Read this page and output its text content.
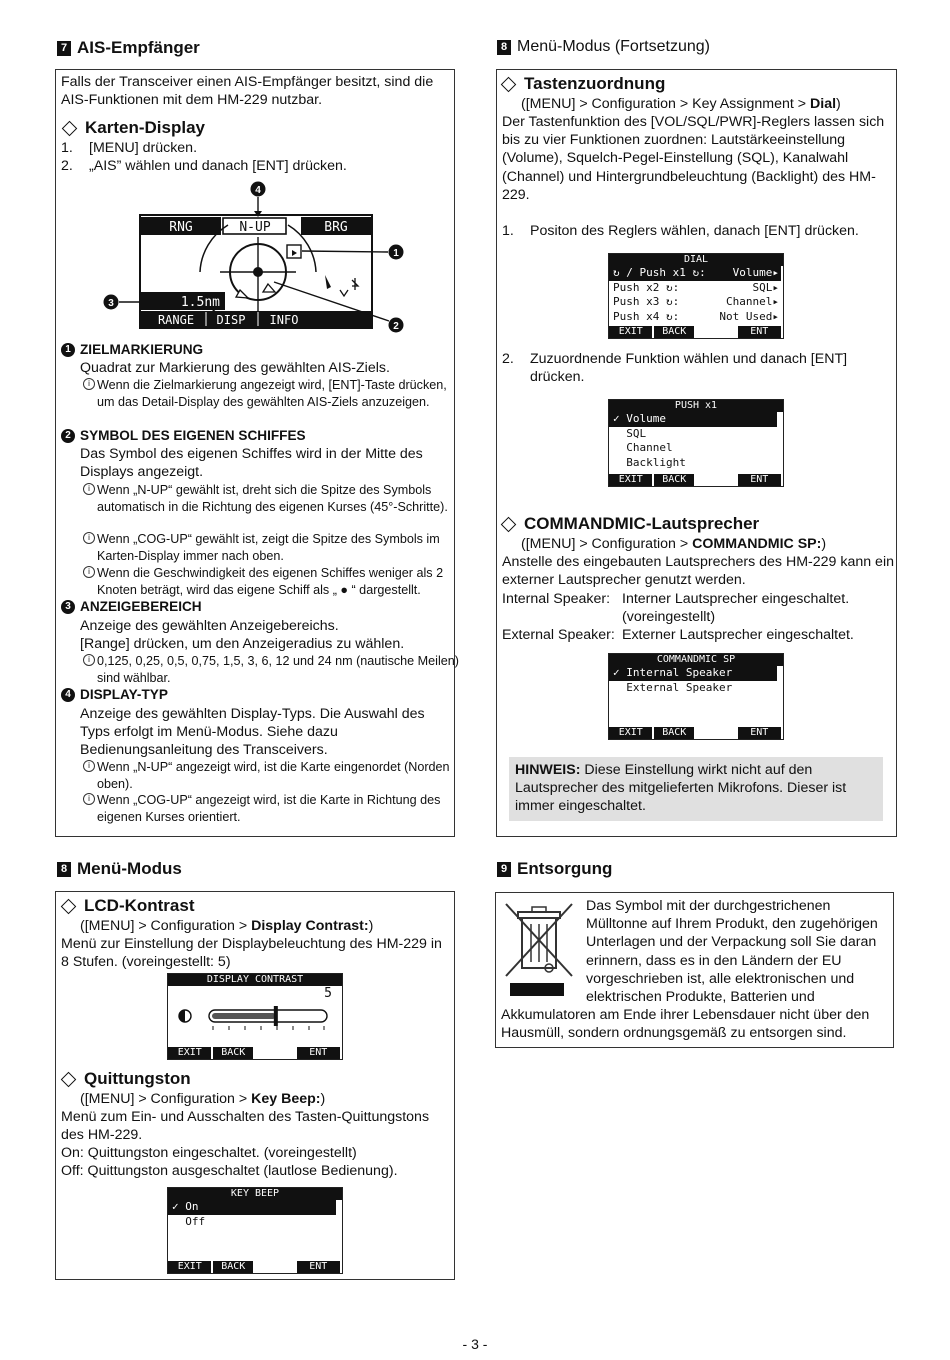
7 AIS-Empfänger
Falls der Transceiver einen AIS-Empfänger besitzt, sind die AIS-Funktionen mit dem HM-229 nutzbar.
Karten-Display
1. [MENU] drücken.
2. „AIS” wählen und danach [ENT] drücken.
RNG	N-UP	BRG
1.5nm
RANGE DISP INFO
4
1
2
3
1 ZIELMARKIERUNG
Quadrat zur Markierung des gewählten AIS-Ziels.
i Wenn die Zielmarkierung angezeigt wird, [ENT]-Taste drücken, um das Detail-Display des gewählten AIS-Ziels anzuzeigen.
2 SYMBOL DES EIGENEN SCHIFFES
Das Symbol des eigenen Schiffes wird in der Mitte des Displays angezeigt.
i Wenn „N-UP“ gewählt ist, dreht sich die Spitze des Symbols automatisch in die Richtung des eigenen Kurses (45°-Schritte).
i Wenn „COG-UP“ gewählt ist, zeigt die Spitze des Symbols im Karten-Display immer nach oben.
i Wenn die Geschwindigkeit des eigenen Schiffes weniger als 2 Knoten beträgt, wird das eigene Schiff als „ ● “ dargestellt.
3 ANZEIGEBEREICH
Anzeige des gewählten Anzeigebereichs.
[Range] drücken, um den Anzeigeradius zu wählen.
i 0,125, 0,25, 0,5, 0,75, 1,5, 3, 6, 12 und 24 nm (nautische Meilen) sind wählbar.
4 DISPLAY-TYP
Anzeige des gewählten Display-Typs. Die Auswahl des Typs erfolgt im Menü-Modus. Siehe dazu Bedienungsanleitung des Transceivers.
i Wenn „N-UP“ angezeigt wird, ist die Karte eingenordet (Norden oben).
i Wenn „COG-UP“ angezeigt wird, ist die Karte in Richtung des eigenen Kurses orientiert.
8 Menü-Modus (Fortsetzung)
Tastenzuordnung
([MENU] > Configuration > Key Assignment > Dial)
Der Tastenfunktion des [VOL/SQL/PWR]-Reglers lassen sich bis zu vier Funktionen zuordnen: Lautstärkeeinstellung (Volume), Squelch-Pegel-Einstellung (SQL), Kanalwahl (Channel) und Hintergrundbeleuchtung (Backlight) des HM-229.
1. Positon des Reglers wählen, danach [ENT] drücken.
DIAL
↻ / Push x1 ↻: Volume▸
Push x2 ↻:	SQL▸
Push x3 ↻:	Channel▸
Push x4 ↻:	Not Used▸
EXIT	BACK	ENT
2. Zuzuordnende Funktion wählen und danach [ENT] drücken.
PUSH x1
✓ Volume
SQL
Channel
Backlight
EXIT	BACK	ENT
COMMANDMIC-Lautsprecher
([MENU] > Configuration > COMMANDMIC SP:)
Anstelle des eingebauten Lautsprechers des HM-229 kann ein externer Lautsprecher genutzt werden.
Internal Speaker: Interner Lautsprecher eingeschaltet.
(voreingestellt)
External Speaker: Externer Lautsprecher eingeschaltet.
COMMANDMIC SP
✓ Internal Speaker
External Speaker
EXIT	BACK	ENT
HINWEIS: Diese Einstellung wirkt nicht auf den Lautsprecher des mitgelieferten Mikrofons. Dieser ist immer eingeschaltet.
8 Menü-Modus
LCD-Kontrast
([MENU] > Configuration > Display Contrast:)
Menü zur Einstellung der Displaybeleuchtung des HM-229 in 8 Stufen. (voreingestellt: 5)
DISPLAY CONTRAST
5
EXIT	BACK	ENT
Quittungston
([MENU] > Configuration > Key Beep:)
Menü zum Ein- und Ausschalten des Tasten-Quittungstons des HM-229.
On: Quittungston eingeschaltet. (voreingestellt)
Off: Quittungston ausgeschaltet (lautlose Bedienung).
KEY BEEP
✓ On
Off
EXIT	BACK	ENT
9 Entsorgung
Das Symbol mit der durchgestrichenen Mülltonne auf Ihrem Produkt, den zugehörigen Unterlagen und der Verpackung soll Sie daran erinnern, dass es in den Ländern der EU vorgeschrieben ist, alle elektronischen und elektrischen Produkte, Batterien und
Akkumulatoren am Ende ihrer Lebensdauer nicht über den Hausmüll, sondern ordnungsgemäß zu entsorgen sind.
- 3 -
